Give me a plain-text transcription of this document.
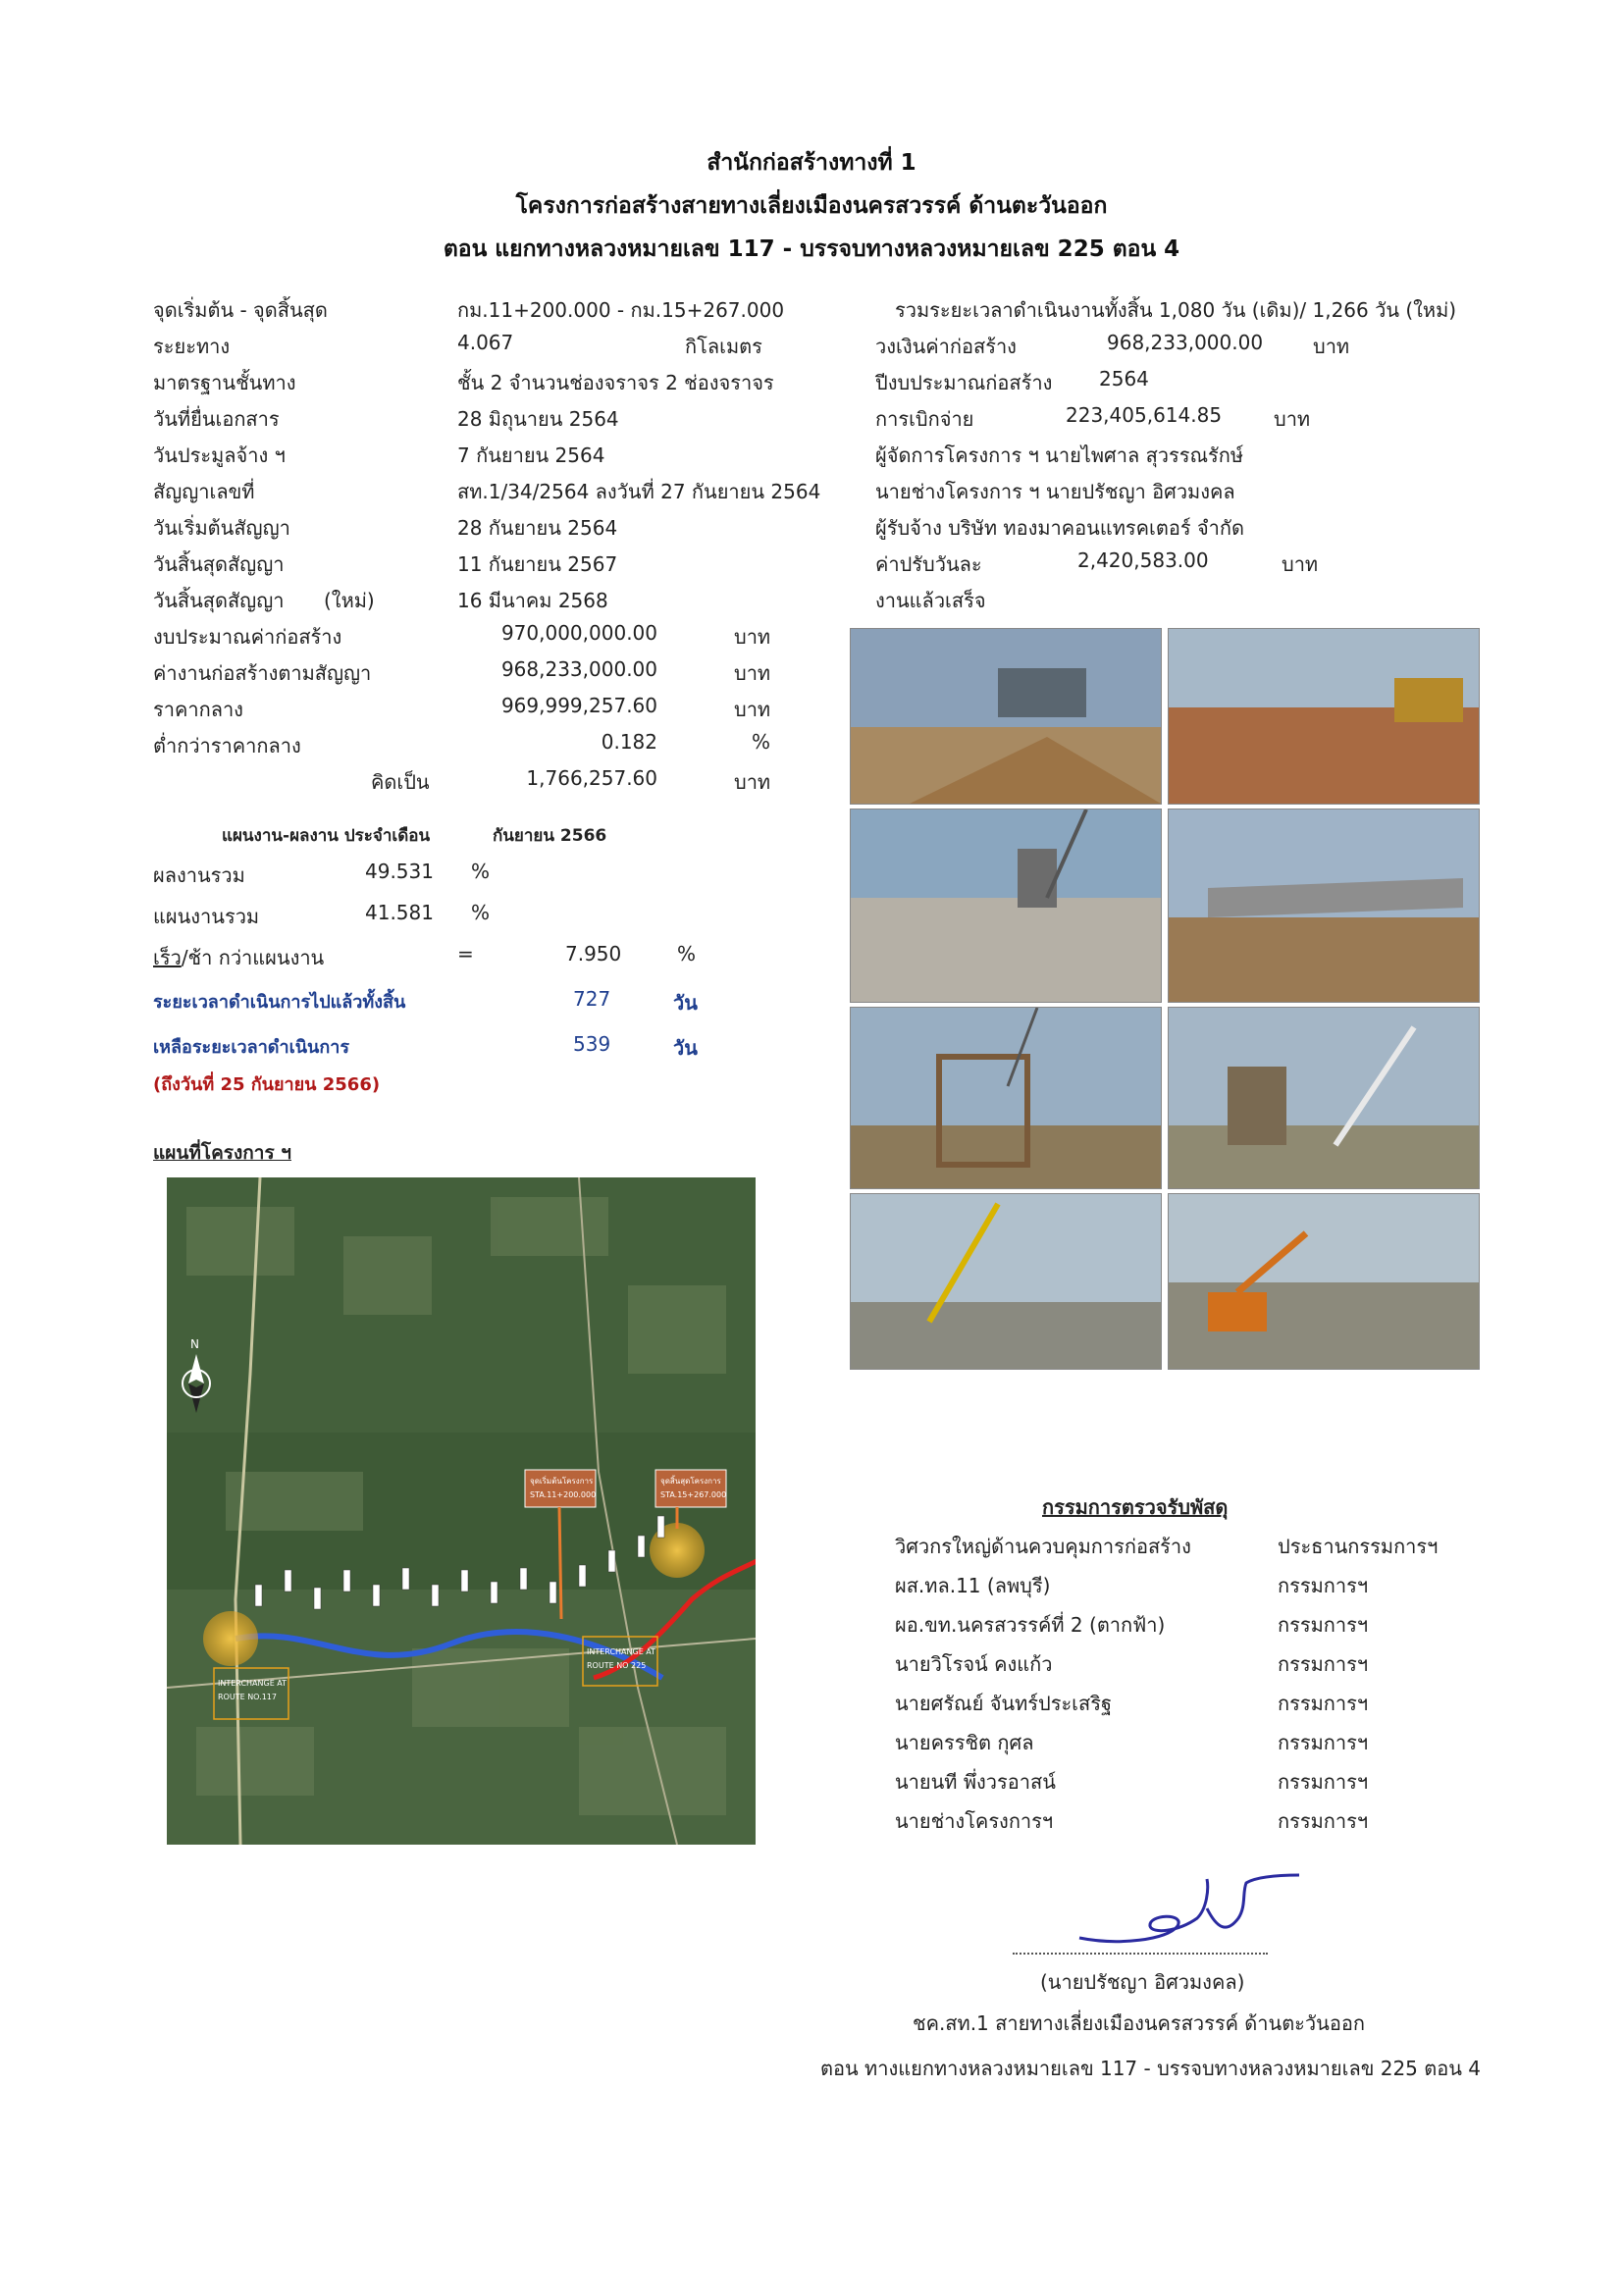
สำนักก่อสร้างทางที่ 1
โครงการก่อสร้างสายทางเลี่ยงเมืองนครสวรรค์ ด้านตะวันออก
ตอน แยกทางหลวงหมายเลข 117 - บรรจบทางหลวงหมายเลข 225 ตอน 4
จุดเริ่มต้น - จุดสิ้นสุด	กม.11+200.000 - กม.15+267.000
ระยะทาง	4.067	กิโลเมตร
มาตรฐานชั้นทาง	ชั้น 2 จำนวนช่องจราจร 2 ช่องจราจร
วันที่ยื่นเอกสาร	28 มิถุนายน 2564
วันประมูลจ้าง ฯ	7 กันยายน 2564
สัญญาเลขที่	สท.1/34/2564 ลงวันที่ 27 กันยายน 2564
วันเริ่มต้นสัญญา	28 กันยายน 2564
วันสิ้นสุดสัญญา	11 กันยายน 2567
วันสิ้นสุดสัญญา (ใหม่)	16 มีนาคม 2568
งบประมาณค่าก่อสร้าง	970,000,000.00	บาท
ค่างานก่อสร้างตามสัญญา	968,233,000.00	บาท
ราคากลาง	969,999,257.60	บาท
ต่ำกว่าราคากลาง	0.182	%
คิดเป็น	1,766,257.60	บาท
รวมระยะเวลาดำเนินงานทั้งสิ้น 1,080 วัน (เดิม)/ 1,266 วัน (ใหม่)
วงเงินค่าก่อสร้าง	968,233,000.00	บาท
ปีงบประมาณก่อสร้าง 2564
การเบิกจ่าย	223,405,614.85	บาท
ผู้จัดการโครงการ ฯ นายไพศาล สุวรรณรักษ์
นายช่างโครงการ ฯ นายปรัชญา อิศวมงคล
ผู้รับจ้าง บริษัท ทองมาคอนแทรคเตอร์ จำกัด
ค่าปรับวันละ	2,420,583.00	บาท
งานแล้วเสร็จ
แผนงาน-ผลงาน ประจำเดือน	กันยายน 2566
ผลงานรวม	49.531 %
แผนงานรวม	41.581 %
เร็ว/ช้า กว่าแผนงาน	=	7.950	%
ระยะเวลาดำเนินการไปแล้วทั้งสิ้น	727	วัน
เหลือระยะเวลาดำเนินการ	539	วัน
(ถึงวันที่ 25 กันยายน 2566)
แผนที่โครงการ ฯ
N
จุดเริ่มต้นโครงการ
STA.11+200.000
จุดสิ้นสุดโครงการ
STA.15+267.000
INTERCHANGE AT
ROUTE NO.117
INTERCHANGE AT
ROUTE NO 225
กรรมการตรวจรับพัสดุ
วิศวกรใหญ่ด้านควบคุมการก่อสร้าง	ประธานกรรมการฯ
ผส.ทล.11 (ลพบุรี)	กรรมการฯ
ผอ.ขท.นครสวรรค์ที่ 2 (ตากฟ้า)	กรรมการฯ
นายวิโรจน์ คงแก้ว	กรรมการฯ
นายศรัณย์ จันทร์ประเสริฐ	กรรมการฯ
นายครรชิต กุศล	กรรมการฯ
นายนที พึ่งวรอาสน์	กรรมการฯ
นายช่างโครงการฯ	กรรมการฯ
(นายปรัชญา อิศวมงคล)
ชค.สท.1 สายทางเลี่ยงเมืองนครสวรรค์ ด้านตะวันออก
ตอน ทางแยกทางหลวงหมายเลข 117 - บรรจบทางหลวงหมายเลข 225 ตอน 4
